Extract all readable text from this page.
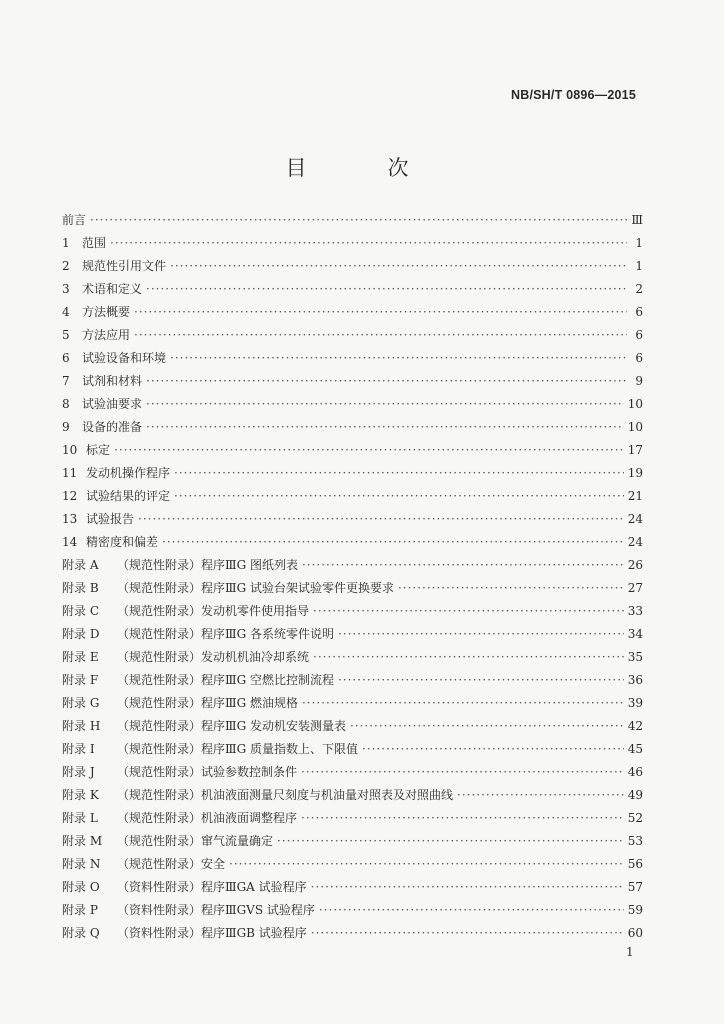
NB/SH/T 0896—2015
目　次
前言 ·····	Ⅲ
1	范围 ·····	1
2	规范性引用文件 ·····	1
3	术语和定义 ·····	2
4	方法概要 ·····	6
5	方法应用 ·····	6
6	试验设备和环境 ·····	6
7	试剂和材料 ·····	9
8	试验油要求 ·····	10
9	设备的准备 ·····	10
10 标定 ·····	17
11 发动机操作程序 ·····	19
12 试验结果的评定 ·····	21
13 试验报告 ·····	24
14 精密度和偏差 ·····	24
附录 A	（规范性附录）程序ⅢG 图纸列表 ·····	26
附录 B	（规范性附录）程序ⅢG 试验台架试验零件更换要求 ·····	27
附录 C	（规范性附录）发动机零件使用指导 ·····	33
附录 D	（规范性附录）程序ⅢG 各系统零件说明 ·····	34
附录 E	（规范性附录）发动机机油冷却系统 ·····	35
附录 F	（规范性附录）程序ⅢG 空燃比控制流程 ·····	36
附录 G	（规范性附录）程序ⅢG 燃油规格 ·····	39
附录 H	（规范性附录）程序ⅢG 发动机安装测量表 ·····	42
附录 I	（规范性附录）程序ⅢG 质量指数上、下限值 ·····	45
附录 J	（规范性附录）试验参数控制条件 ·····	46
附录 K	（规范性附录）机油液面测量尺刻度与机油量对照表及对照曲线 ·····	49
附录 L	（规范性附录）机油液面调整程序 ·····	52
附录 M	（规范性附录）窜气流量确定 ·····	53
附录 N	（规范性附录）安全 ·····	56
附录 O	（资料性附录）程序ⅢGA 试验程序 ·····	57
附录 P	（资料性附录）程序ⅢGVS 试验程序 ·····	59
附录 Q	（资料性附录）程序ⅢGB 试验程序 ·····	60
1
